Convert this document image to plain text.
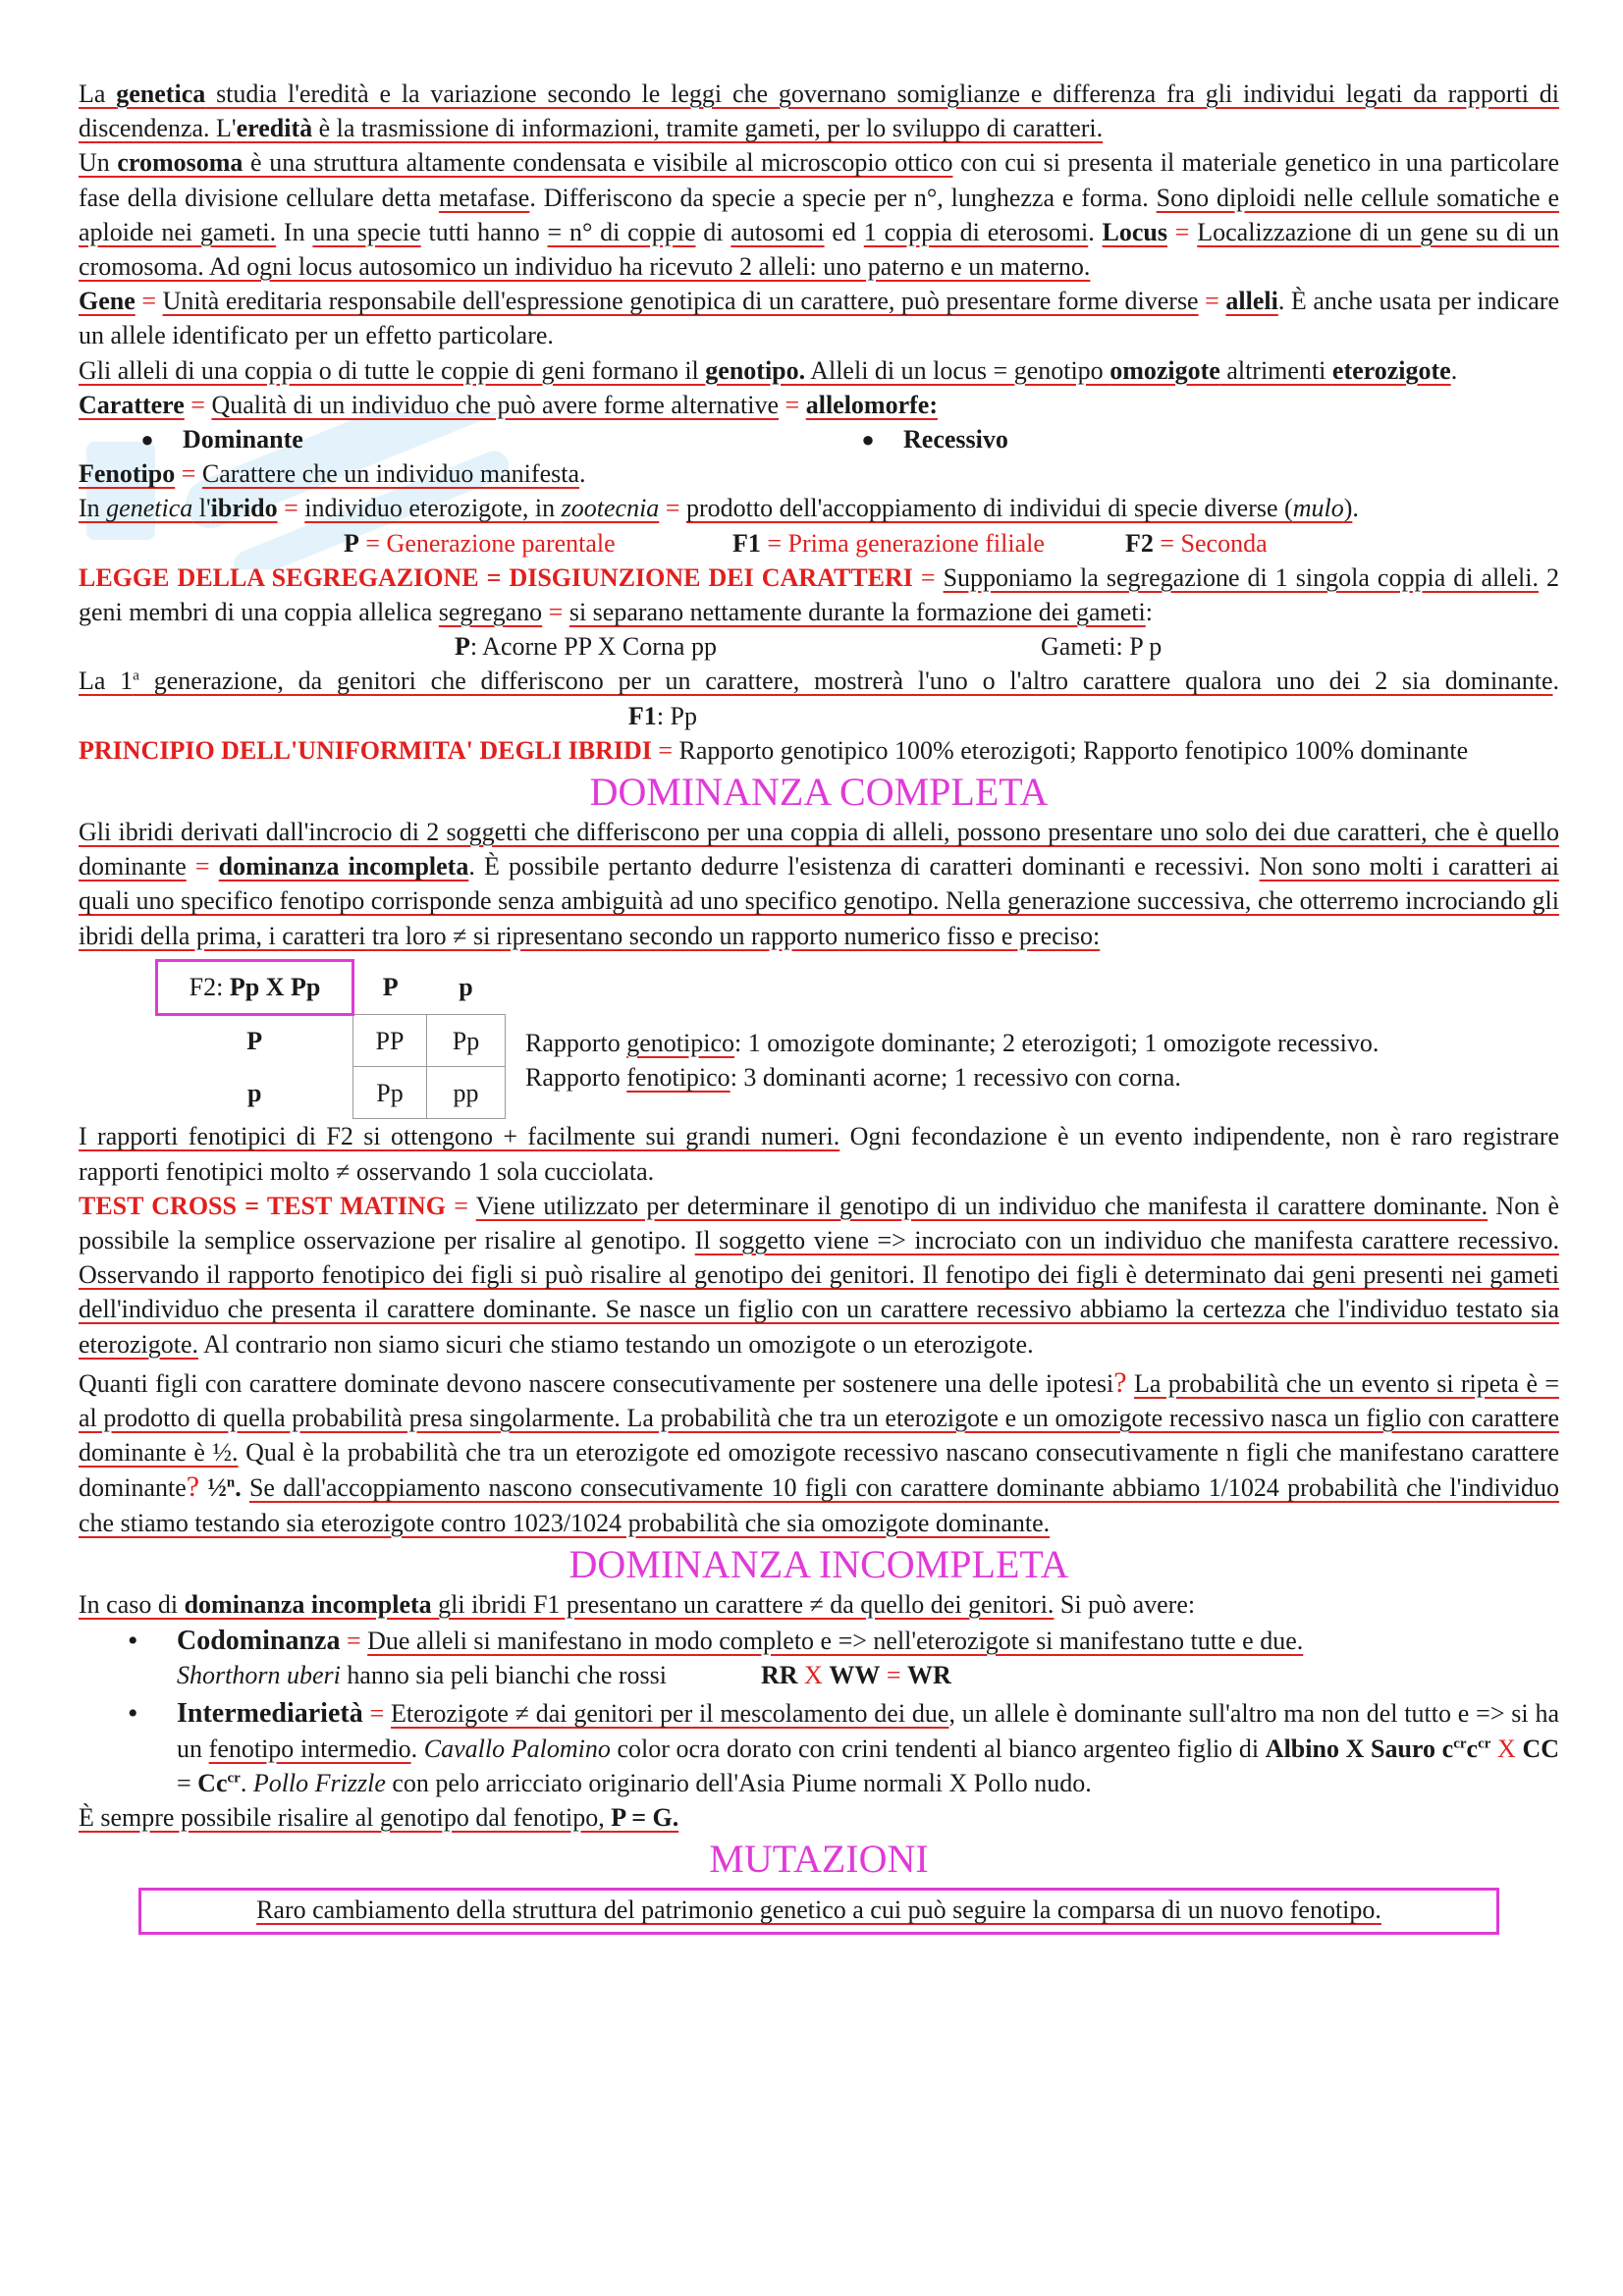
La genetica studia l'eredità e la variazione secondo le leggi che governano somiglianze e differenza fra gli individui legati da rapporti di discendenza. L'eredità è la trasmissione di informazioni, tramite gameti, per lo sviluppo di caratteri.

Un cromosoma è una struttura altamente condensata e visibile al microscopio ottico con cui si presenta il materiale genetico in una particolare fase della divisione cellulare detta metafase. Differiscono da specie a specie per n°, lunghezza e forma. Sono diploidi nelle cellule somatiche e aploide nei gameti. In una specie tutti hanno = n° di coppie di autosomi ed 1 coppia di eterosomi. Locus = Localizzazione di un gene su di un cromosoma. Ad ogni locus autosomico un individuo ha ricevuto 2 alleli: uno paterno e un materno.

Gene = Unità ereditaria responsabile dell'espressione genotipica di un carattere, può presentare forme diverse = alleli. È anche usata per indicare un allele identificato per un effetto particolare.

Gli alleli di una coppia o di tutte le coppie di geni formano il genotipo. Alleli di un locus = genotipo omozigote altrimenti eterozigote.

Carattere = Qualità di un individuo che può avere forme alternative = allelomorfe:

●	Dominante	●	Recessivo

Fenotipo = Carattere che un individuo manifesta.

In genetica l'ibrido = individuo eterozigote, in zootecnia = prodotto dell'accoppiamento di individui di specie diverse (mulo).

P = Generazione parentale	F1 = Prima generazione filiale	F2 = Seconda

LEGGE DELLA SEGREGAZIONE = DISGIUNZIONE DEI CARATTERI = Supponiamo la segregazione di 1 singola coppia di alleli. 2 geni membri di una coppia allelica segregano = si separano nettamente durante la formazione dei gameti:

P: Acorne PP X Corna pp	Gameti: P p

La 1$^a$ generazione, da genitori che differiscono per un carattere, mostrerà l'uno o l'altro carattere qualora uno dei 2 sia dominante.F1: Pp

PRINCIPIO DELL'UNIFORMITA' DEGLI IBRIDI = Rapporto genotipico 100% eterozigoti; Rapporto fenotipico 100% dominante

DOMINANZA COMPLETA

Gli ibridi derivati dall'incrocio di 2 soggetti che differiscono per una coppia di alleli, possono presentare uno solo dei due caratteri, che è quello dominante = dominanza incompleta. È possibile pertanto dedurre l'esistenza di caratteri dominanti e recessivi. Non sono molti i caratteri ai quali uno specifico fenotipo corrisponde senza ambiguità ad uno specifico genotipo. Nella generazione successiva, che otterremo incrociando gli ibridi della prima, i caratteri tra loro ≠ si ripresentano secondo un rapporto numerico fisso e preciso:

F2: Pp X Pp	P	p
P	PP	Pp
p	Pp	pp
Rapporto genotipico: 1 omozigote dominante; 2 eterozigoti; 1 omozigote recessivo.
Rapporto fenotipico: 3 dominanti acorne; 1 recessivo con corna.

I rapporti fenotipici di F2 si ottengono + facilmente sui grandi numeri. Ogni fecondazione è un evento indipendente, non è raro registrare rapporti fenotipici molto ≠ osservando 1 sola cucciolata.

TEST CROSS = TEST MATING = Viene utilizzato per determinare il genotipo di un individuo che manifesta il carattere dominante. Non è possibile la semplice osservazione per risalire al genotipo. Il soggetto viene => incrociato con un individuo che manifesta carattere recessivo. Osservando il rapporto fenotipico dei figli si può risalire al genotipo dei genitori. Il fenotipo dei figli è determinato dai geni presenti nei gameti dell'individuo che presenta il carattere dominante. Se nasce un figlio con un carattere recessivo abbiamo la certezza che l'individuo testato sia eterozigote. Al contrario non siamo sicuri che stiamo testando un omozigote o un eterozigote.

Quanti figli con carattere dominate devono nascere consecutivamente per sostenere una delle ipotesi? La probabilità che un evento si ripeta è = al prodotto di quella probabilità presa singolarmente. La probabilità che tra un eterozigote e un omozigote recessivo nasca un figlio con carattere dominante è ½. Qual è la probabilità che tra un eterozigote ed omozigote recessivo nascano consecutivamente n figli che manifestano carattere dominante? ½$^n$. Se dall'accoppiamento nascono consecutivamente 10 figli con carattere dominante abbiamo 1/1024 probabilità che l'individuo che stiamo testando sia eterozigote contro 1023/1024 probabilità che sia omozigote dominante.

DOMINANZA INCOMPLETA

In caso di dominanza incompleta gli ibridi F1 presentano un carattere ≠ da quello dei genitori. Si può avere:

• Codominanza = Due alleli si manifestano in modo completo e => nell'eterozigote si manifestano tutte e due.
Shorthorn uberi hanno sia peli bianchi che rossi	RR X WW = WR
• Intermediarietà = Eterozigote ≠ dai genitori per il mescolamento dei due, un allele è dominante sull'altro ma non del tutto e => si ha un fenotipo intermedio. Cavallo Palomino color ocra dorato con crini tendenti al bianco argenteo figlio di Albino X Sauro $c^{cr}c^{cr}$ X CC = $Cc^{cr}$. Pollo Frizzle con pelo arricciato originario dell'Asia Piume normali X Pollo nudo.

È sempre possibile risalire al genotipo dal fenotipo, P = G.

MUTAZIONI
Raro cambiamento della struttura del patrimonio genetico a cui può seguire la comparsa di un nuovo fenotipo.
